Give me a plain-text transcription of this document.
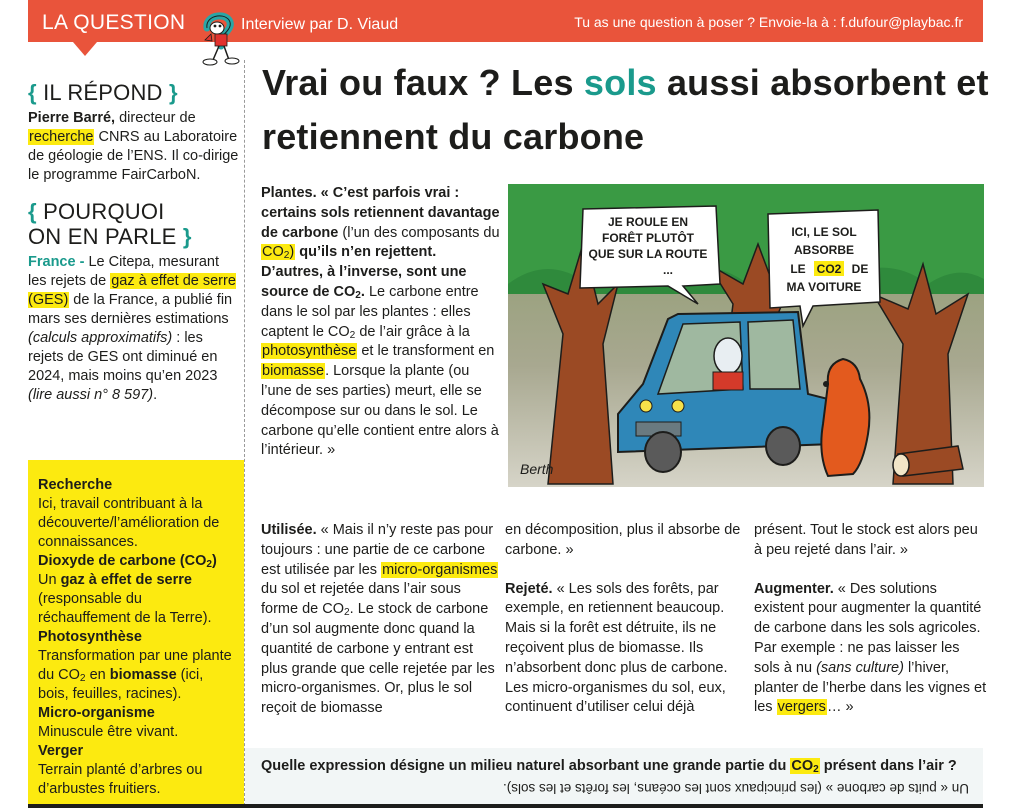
LA QUESTION	Interview par D. Viaud	Tu as une question à poser ? Envoie-la à : f.dufour@playbac.fr
{ IL RÉPOND }

Pierre Barré, directeur de recherche CNRS au Laboratoire de géologie de l’ENS. Il co-dirige le programme FairCarboN.

{ POURQUOI
ON EN PARLE }

France - Le Citepa, mesurant les rejets de gaz à effet de serre (GES) de la France, a publié fin mars ses dernières estimations (calculs approximatifs) : les rejets de GES ont diminué en 2024, mais moins qu’en 2023 (lire aussi n° 8 597).

Recherche
Ici, travail contribuant à la découverte/l’amélioration de connaissances.
Dioxyde de carbone $(CO_2)$
Un gaz à effet de serre (responsable du réchauffement de la Terre).
Photosynthèse
Transformation par une plante du $CO_2$ en biomasse (ici, bois, feuilles, racines).
Micro-organisme
Minuscule être vivant.
Verger
Terrain planté d’arbres ou d’arbustes fruitiers.
Vrai ou faux ? Les sols aussi absorbent et retiennent du carbone
Plantes. « C’est parfois vrai : certains sols retiennent davantage de carbone (l’un des composants du $CO_2$) qu’ils n’en rejettent. D’autres, à l’inverse, sont une source de $CO_2$. Le carbone entre dans le sol par les plantes : elles captent le $CO_2$ de l’air grâce à la photosynthèse et le transforment en biomasse. Lorsque la plante (ou l’une de ses parties) meurt, elle se décompose sur ou dans le sol. Le carbone qu’elle contient entre alors à l’intérieur. »
Utilisée. « Mais il n’y reste pas pour toujours : une partie de ce carbone est utilisée par les micro-organismes du sol et rejetée dans l’air sous forme de $CO_2$. Le stock de carbone d’un sol augmente donc quand la quantité de carbone y entrant est plus grande que celle rejetée par les micro-organismes. Or, plus le sol reçoit de biomasse
en décomposition, plus il absorbe de carbone. »
Rejeté. « Les sols des forêts, par exemple, en retiennent beaucoup. Mais si la forêt est détruite, ils ne reçoivent plus de biomasse. Ils n’absorbent donc plus de carbone. Les micro-organismes du sol, eux, continuent d’utiliser celui déjà
présent. Tout le stock est alors peu à peu rejeté dans l’air. »
Augmenter. « Des solutions existent pour augmenter la quantité de carbone dans les sols agricoles. Par exemple : ne pas laisser les sols à nu (sans culture) l’hiver, planter de l’herbe dans les vignes et les vergers… »
JE ROULE EN
FORÊT PLUTÔT
QUE SUR LA ROUTE
...
ICI, LE SOL
ABSORBE
LE CO2 DE
MA VOITURE
Berth
Quelle expression désigne un milieu naturel absorbant une grande partie du $CO_2$ présent dans l’air ?
Un « puits de carbone » (les principaux sont les océans, les forêts et les sols).
